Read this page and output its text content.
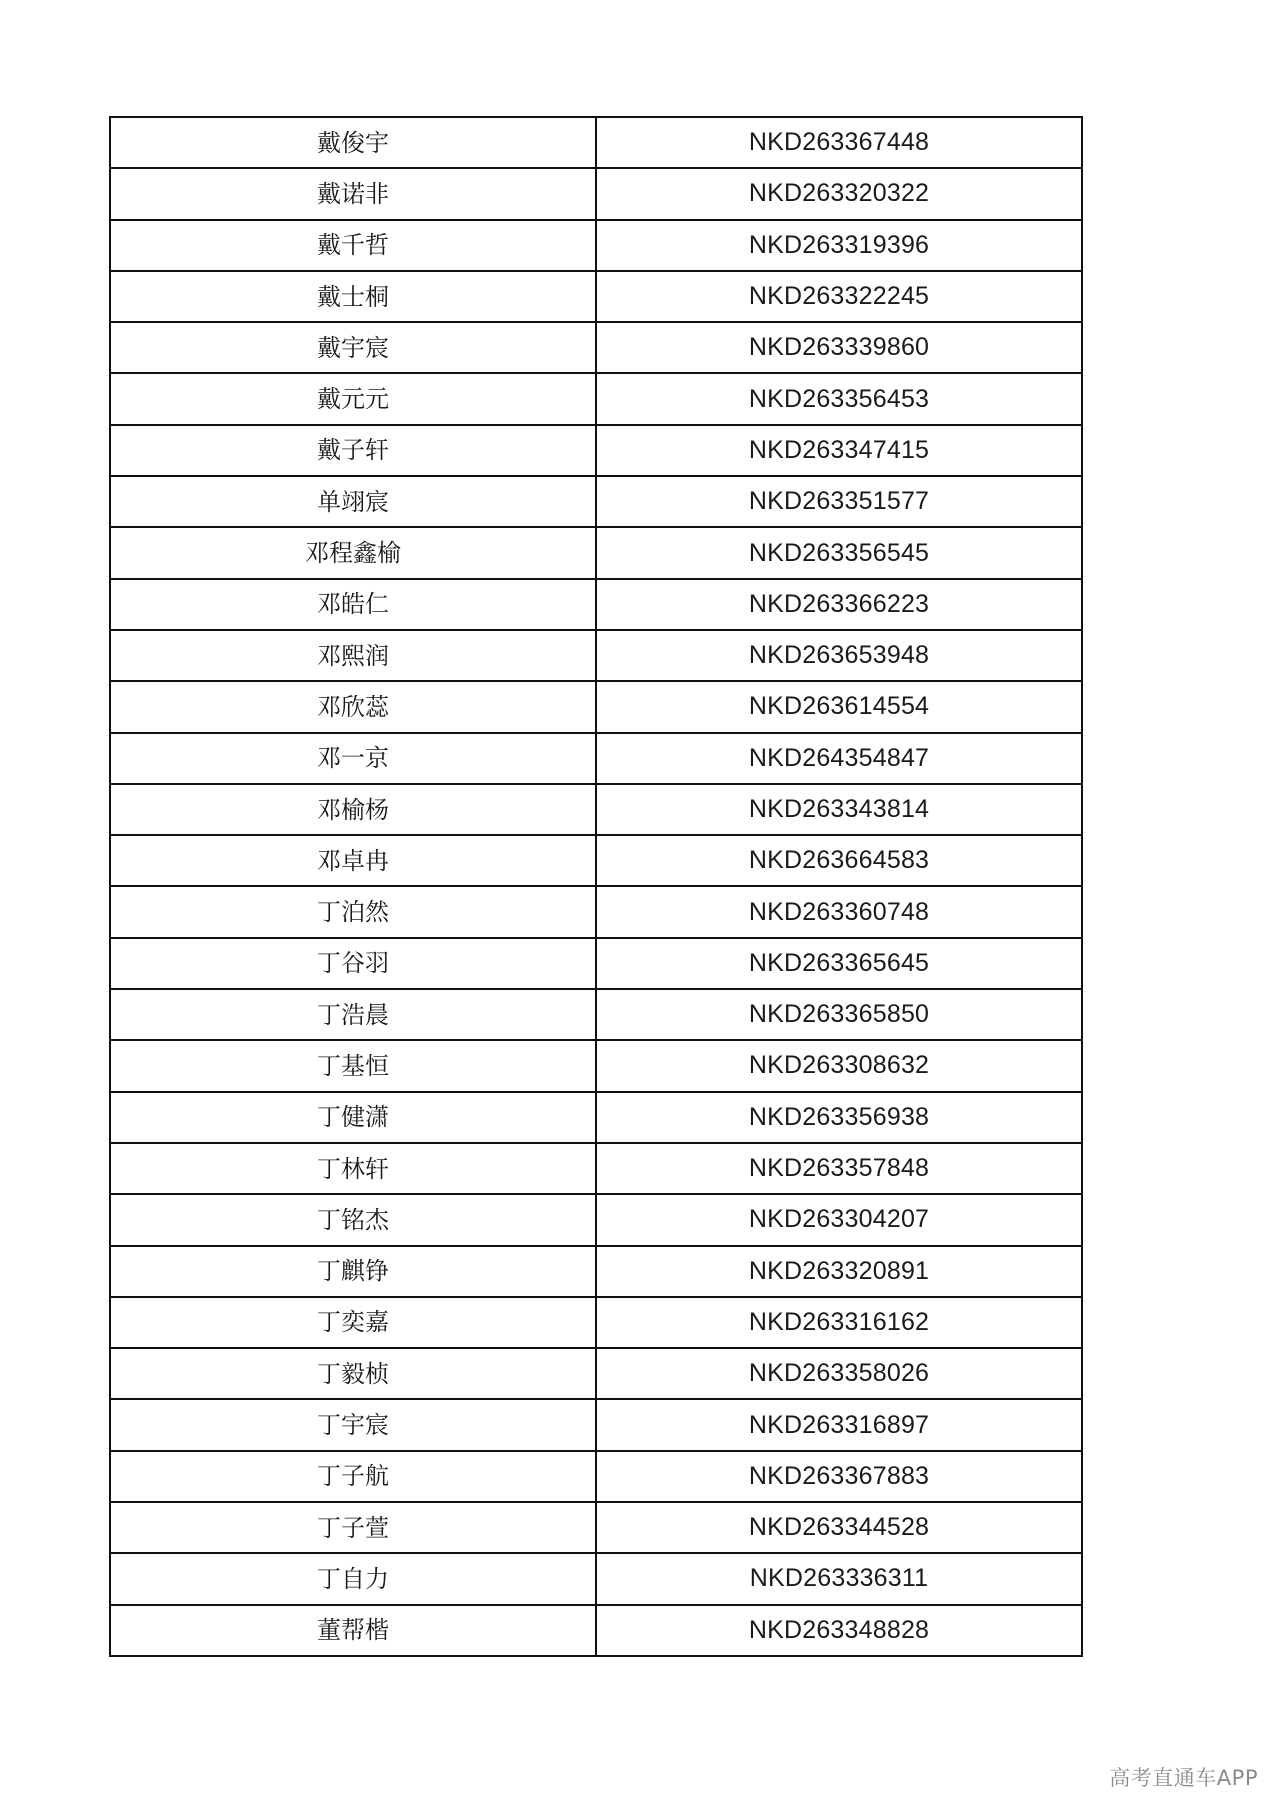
戴俊宇	NKD263367448
戴诺非	NKD263320322
戴千哲	NKD263319396
戴士桐	NKD263322245
戴宇宸	NKD263339860
戴元元	NKD263356453
戴子轩	NKD263347415
单翊宸	NKD263351577
邓程鑫榆	NKD263356545
邓皓仁	NKD263366223
邓熙润	NKD263653948
邓欣蕊	NKD263614554
邓一京	NKD264354847
邓榆杨	NKD263343814
邓卓冉	NKD263664583
丁泊然	NKD263360748
丁谷羽	NKD263365645
丁浩晨	NKD263365850
丁基恒	NKD263308632
丁健潇	NKD263356938
丁林轩	NKD263357848
丁铭杰	NKD263304207
丁麒铮	NKD263320891
丁奕嘉	NKD263316162
丁毅桢	NKD263358026
丁宇宸	NKD263316897
丁子航	NKD263367883
丁子萱	NKD263344528
丁自力	NKD263336311
董帮楷	NKD263348828
高考直通车APP
